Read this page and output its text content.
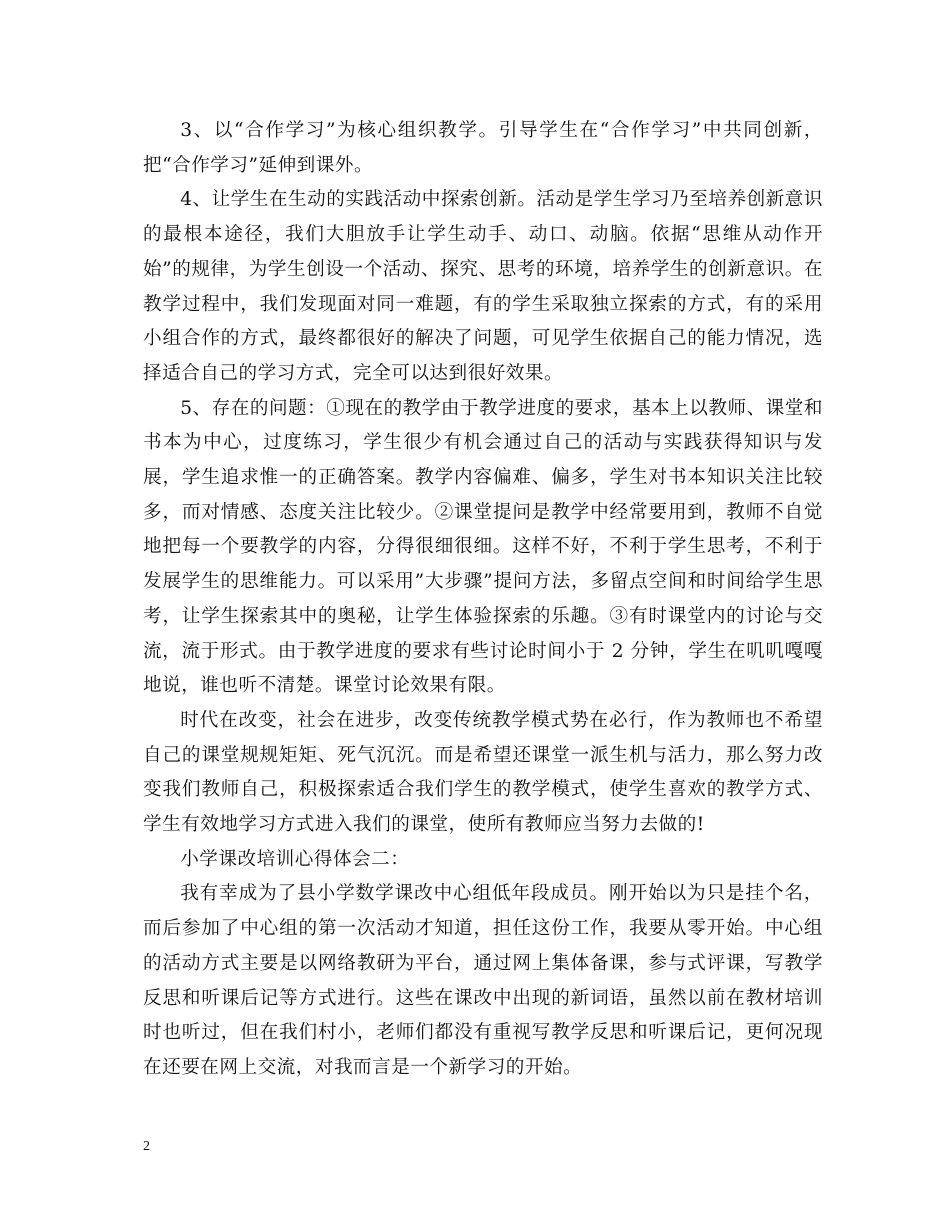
3、以“合作学习”为核心组织教学。引导学生在“合作学习”中共同创新，把“合作学习”延伸到课外。

4、让学生在生动的实践活动中探索创新。活动是学生学习乃至培养创新意识的最根本途径，我们大胆放手让学生动手、动口、动脑。依据“思维从动作开始”的规律，为学生创设一个活动、探究、思考的环境，培养学生的创新意识。在教学过程中，我们发现面对同一难题，有的学生采取独立探索的方式，有的采用小组合作的方式，最终都很好的解决了问题，可见学生依据自己的能力情况，选择适合自己的学习方式，完全可以达到很好效果。

5、存在的问题：①现在的教学由于教学进度的要求，基本上以教师、课堂和书本为中心，过度练习，学生很少有机会通过自己的活动与实践获得知识与发展，学生追求惟一的正确答案。教学内容偏难、偏多，学生对书本知识关注比较多，而对情感、态度关注比较少。②课堂提问是教学中经常要用到，教师不自觉地把每一个要教学的内容，分得很细很细。这样不好，不利于学生思考，不利于发展学生的思维能力。可以采用”大步骤”提问方法，多留点空间和时间给学生思考，让学生探索其中的奥秘，让学生体验探索的乐趣。③有时课堂内的讨论与交流，流于形式。由于教学进度的要求有些讨论时间小于 2 分钟，学生在叽叽嘎嘎地说，谁也听不清楚。课堂讨论效果有限。

时代在改变，社会在进步，改变传统教学模式势在必行，作为教师也不希望自己的课堂规规矩矩、死气沉沉。而是希望还课堂一派生机与活力，那么努力改变我们教师自己，积极探索适合我们学生的教学模式，使学生喜欢的教学方式、学生有效地学习方式进入我们的课堂，使所有教师应当努力去做的!

小学课改培训心得体会二：

我有幸成为了县小学数学课改中心组低年段成员。刚开始以为只是挂个名，而后参加了中心组的第一次活动才知道，担任这份工作，我要从零开始。中心组的活动方式主要是以网络教研为平台，通过网上集体备课，参与式评课，写教学反思和听课后记等方式进行。这些在课改中出现的新词语，虽然以前在教材培训时也听过，但在我们村小，老师们都没有重视写教学反思和听课后记，更何况现在还要在网上交流，对我而言是一个新学习的开始。

2
